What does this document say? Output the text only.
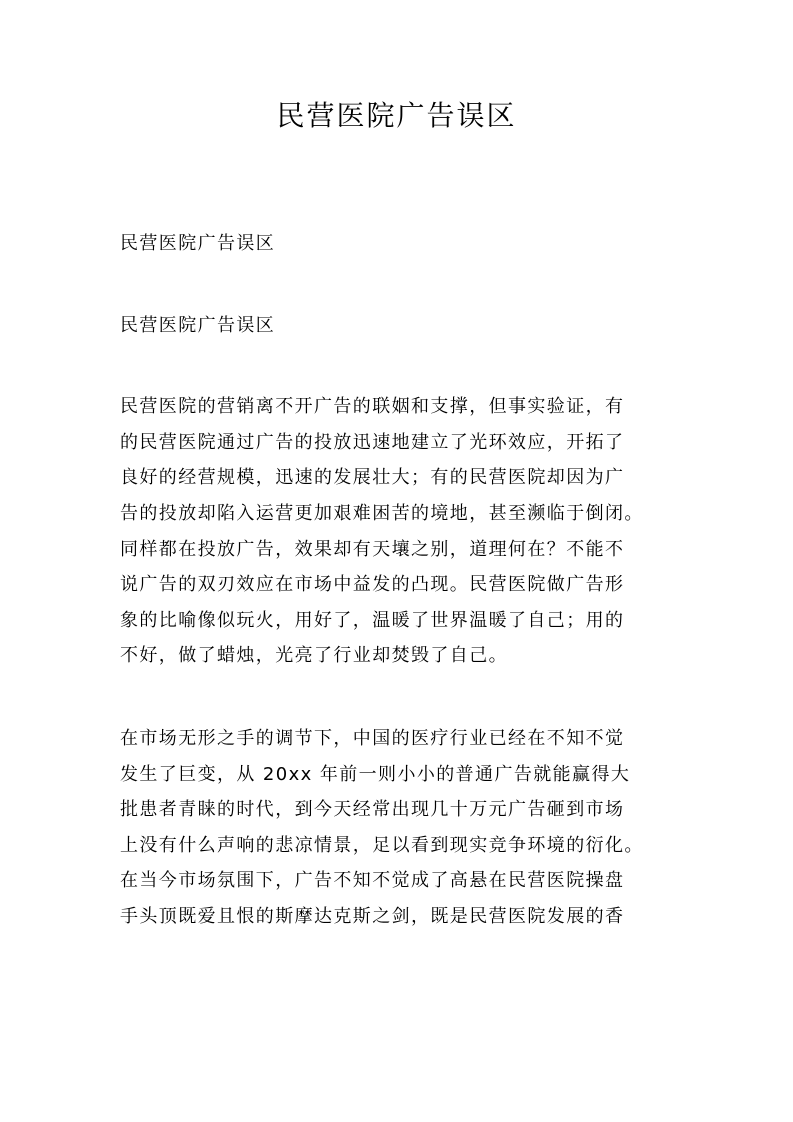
民营医院广告误区
民营医院广告误区
民营医院广告误区
民营医院的营销离不开广告的联姻和支撑，但事实验证，有
的民营医院通过广告的投放迅速地建立了光环效应，开拓了
良好的经营规模，迅速的发展壮大；有的民营医院却因为广
告的投放却陷入运营更加艰难困苦的境地，甚至濒临于倒闭。
同样都在投放广告，效果却有天壤之别，道理何在？不能不
说广告的双刃效应在市场中益发的凸现。民营医院做广告形
象的比喻像似玩火，用好了，温暖了世界温暖了自己；用的
不好，做了蜡烛，光亮了行业却焚毁了自己。
在市场无形之手的调节下，中国的医疗行业已经在不知不觉
发生了巨变，从 20xx 年前一则小小的普通广告就能赢得大
批患者青睐的时代，到今天经常出现几十万元广告砸到市场
上没有什么声响的悲凉情景，足以看到现实竞争环境的衍化。
在当今市场氛围下，广告不知不觉成了高悬在民营医院操盘
手头顶既爱且恨的斯摩达克斯之剑，既是民营医院发展的香
